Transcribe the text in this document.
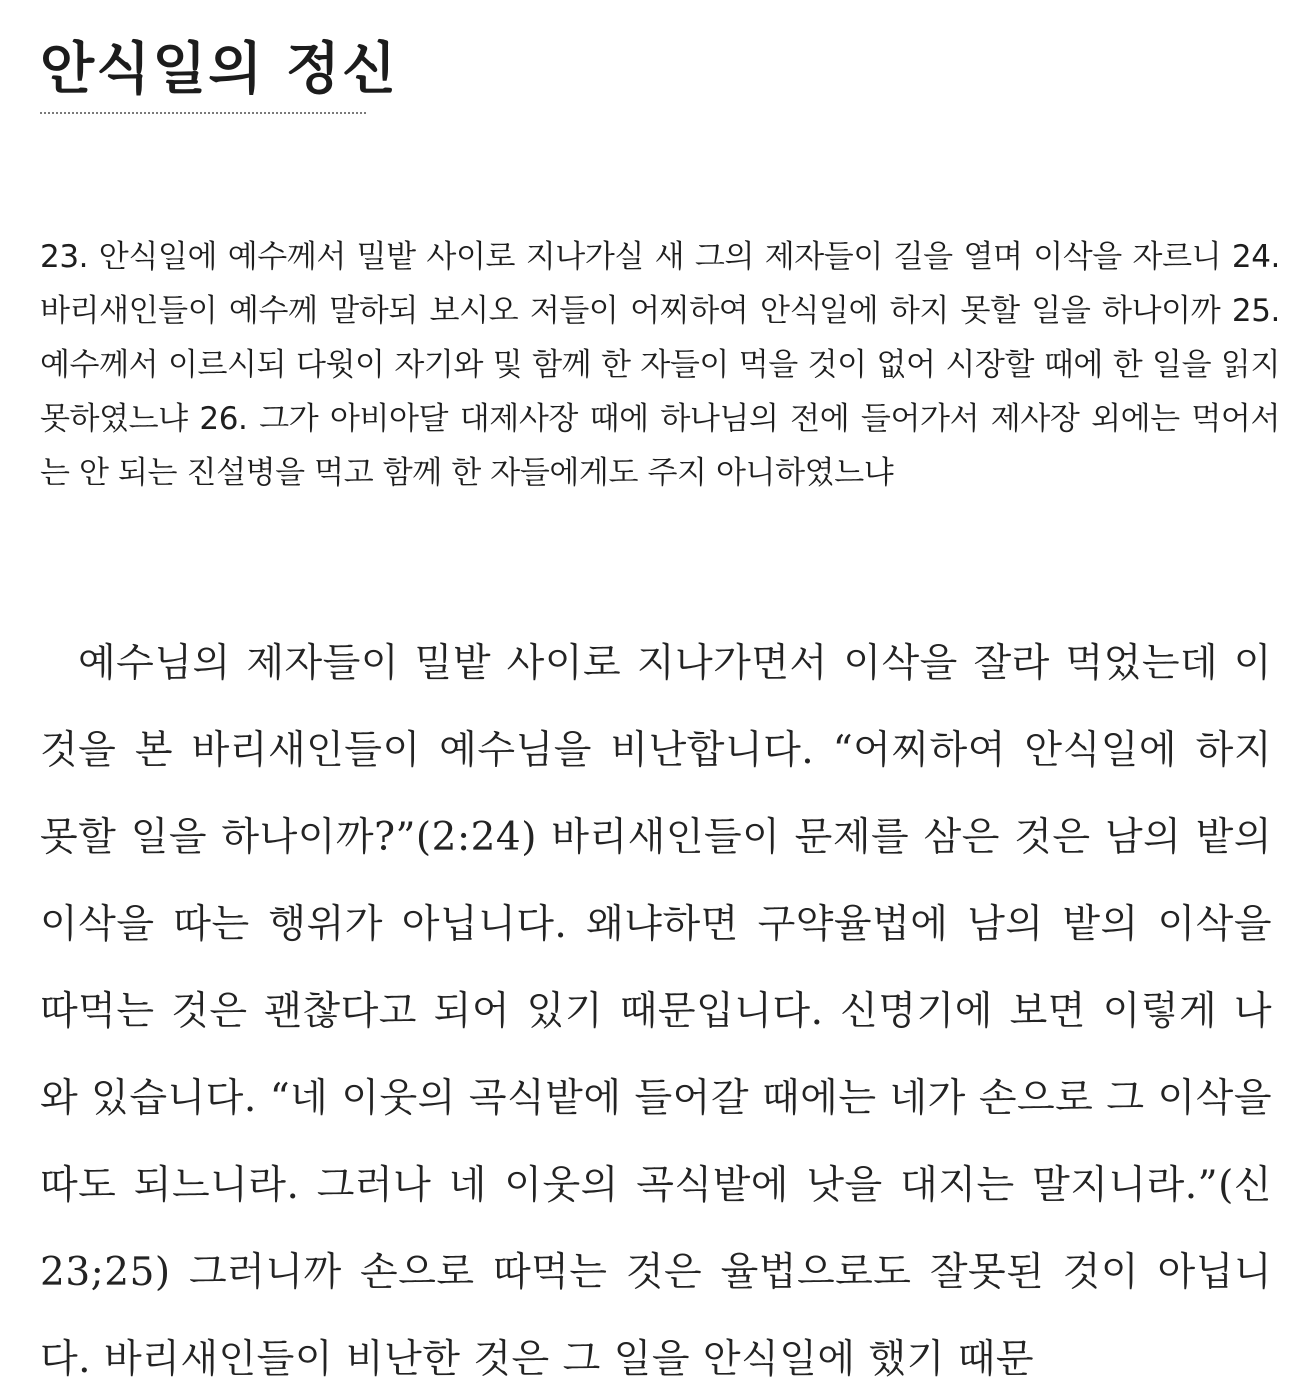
안식일의 정신

23. 안식일에 예수께서 밀밭 사이로 지나가실 새 그의 제자들이 길을 열며 이삭을 자르니 24. 바리새인들이 예수께 말하되 보시오 저들이 어찌하여 안식일에 하지 못할 일을 하나이까 25. 예수께서 이르시되 다윗이 자기와 및 함께 한 자들이 먹을 것이 없어 시장할 때에 한 일을 읽지 못하였느냐 26. 그가 아비아달 대제사장 때에 하나님의 전에 들어가서 제사장 외에는 먹어서는 안 되는 진설병을 먹고 함께 한 자들에게도 주지 아니하였느냐

예수님의 제자들이 밀밭 사이로 지나가면서 이삭을 잘라 먹었는데 이것을 본 바리새인들이 예수님을 비난합니다. “어찌하여 안식일에 하지 못할 일을 하나이까?”(2:24) 바리새인들이 문제를 삼은 것은 남의 밭의 이삭을 따는 행위가 아닙니다. 왜냐하면 구약율법에 남의 밭의 이삭을 따먹는 것은 괜찮다고 되어 있기 때문입니다. 신명기에 보면 이렇게 나와 있습니다. “네 이웃의 곡식밭에 들어갈 때에는 네가 손으로 그 이삭을 따도 되느니라. 그러나 네 이웃의 곡식밭에 낫을 대지는 말지니라.”(신 23;25) 그러니까 손으로 따먹는 것은 율법으로도 잘못된 것이 아닙니다. 바리새인들이 비난한 것은 그 일을 안식일에 했기 때문
